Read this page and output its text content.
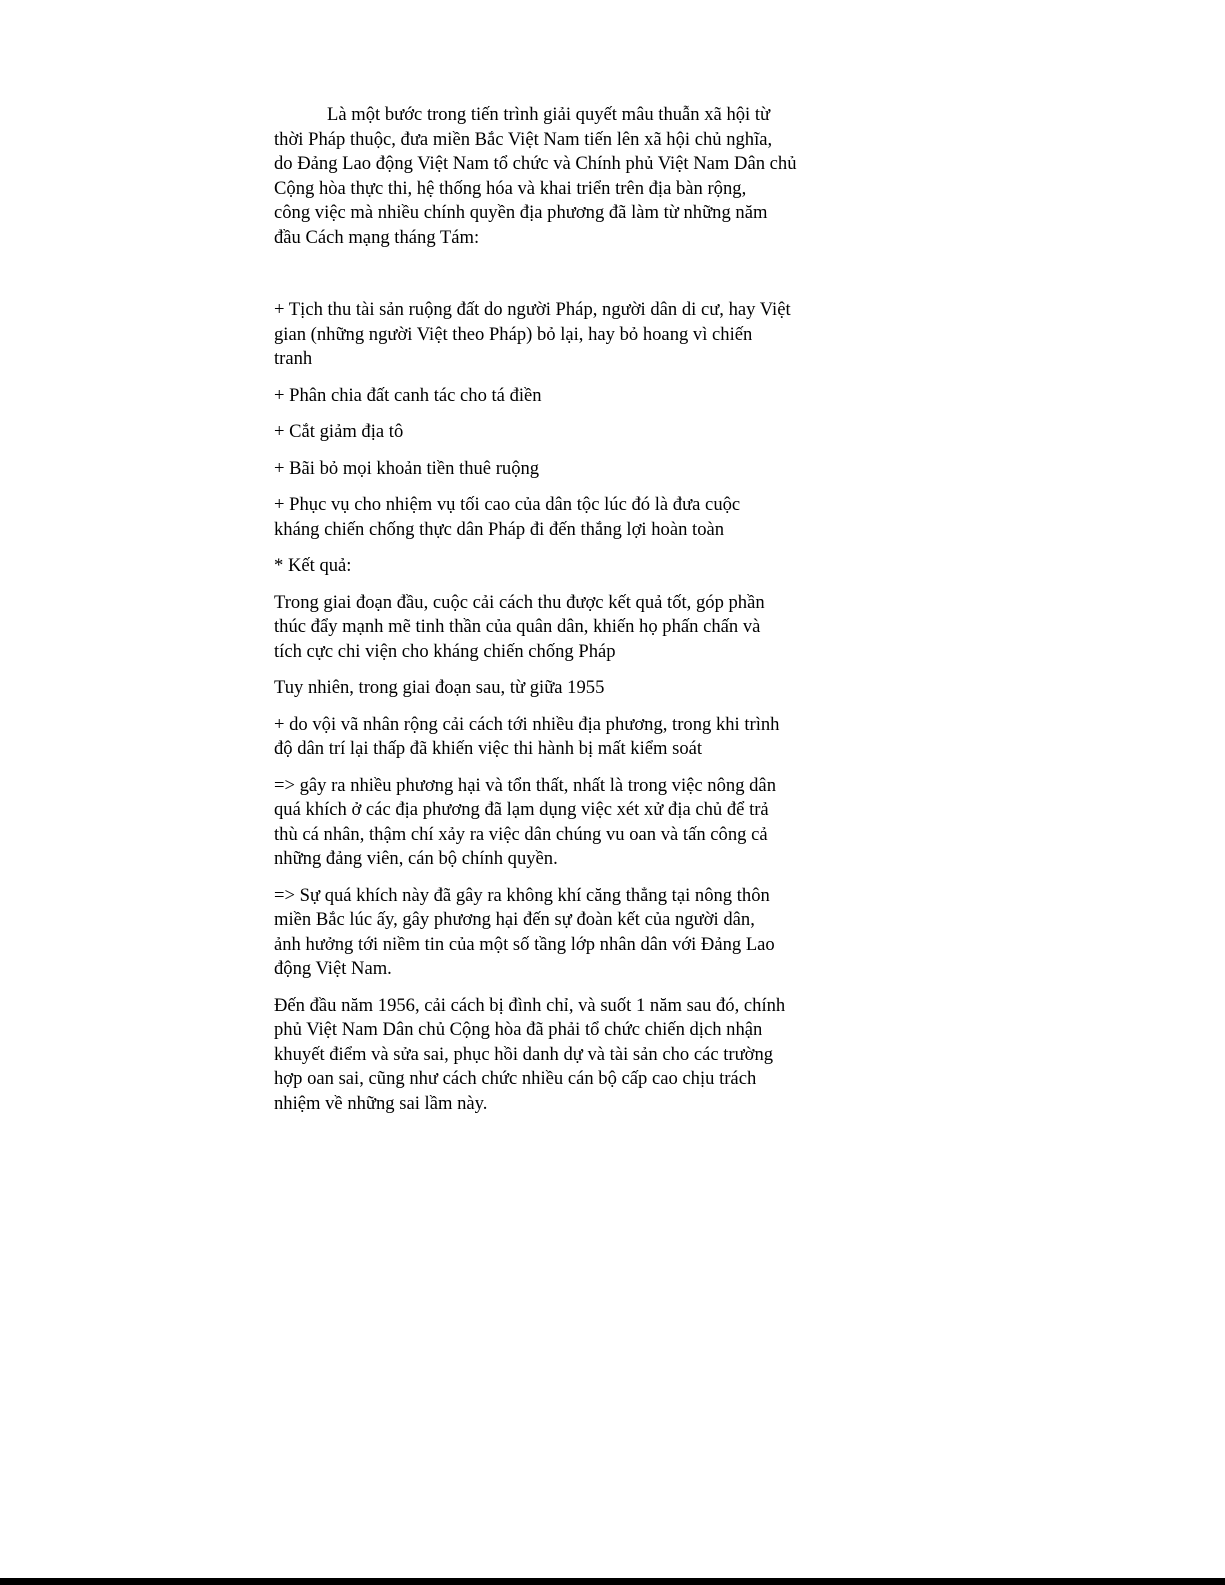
Là một bước trong tiến trình giải quyết mâu thuẫn xã hội từ
thời Pháp thuộc, đưa miền Bắc Việt Nam tiến lên xã hội chủ nghĩa,
do Đảng Lao động Việt Nam tổ chức và Chính phủ Việt Nam Dân chủ
Cộng hòa thực thi, hệ thống hóa và khai triển trên địa bàn rộng,
công việc mà nhiều chính quyền địa phương đã làm từ những năm
đầu Cách mạng tháng Tám:

+ Tịch thu tài sản ruộng đất do người Pháp, người dân di cư, hay Việt
gian (những người Việt theo Pháp) bỏ lại, hay bỏ hoang vì chiến
tranh

+ Phân chia đất canh tác cho tá điền

+ Cắt giảm địa tô

+ Bãi bỏ mọi khoản tiền thuê ruộng

+ Phục vụ cho nhiệm vụ tối cao của dân tộc lúc đó là đưa cuộc
kháng chiến chống thực dân Pháp đi đến thắng lợi hoàn toàn

* Kết quả:

Trong giai đoạn đầu, cuộc cải cách thu được kết quả tốt, góp phần
thúc đẩy mạnh mẽ tinh thần của quân dân, khiến họ phấn chấn và
tích cực chi viện cho kháng chiến chống Pháp

Tuy nhiên, trong giai đoạn sau, từ giữa 1955

+ do vội vã nhân rộng cải cách tới nhiều địa phương, trong khi trình
độ dân trí lại thấp đã khiến việc thi hành bị mất kiểm soát

=> gây ra nhiều phương hại và tổn thất, nhất là trong việc nông dân
quá khích ở các địa phương đã lạm dụng việc xét xử địa chủ để trả
thù cá nhân, thậm chí xảy ra việc dân chúng vu oan và tấn công cả
những đảng viên, cán bộ chính quyền.

=> Sự quá khích này đã gây ra không khí căng thẳng tại nông thôn
miền Bắc lúc ấy, gây phương hại đến sự đoàn kết của người dân,
ảnh hưởng tới niềm tin của một số tầng lớp nhân dân với Đảng Lao
động Việt Nam.

Đến đầu năm 1956, cải cách bị đình chỉ, và suốt 1 năm sau đó, chính
phủ Việt Nam Dân chủ Cộng hòa đã phải tổ chức chiến dịch nhận
khuyết điểm và sửa sai, phục hồi danh dự và tài sản cho các trường
hợp oan sai, cũng như cách chức nhiều cán bộ cấp cao chịu trách
nhiệm về những sai lầm này.
